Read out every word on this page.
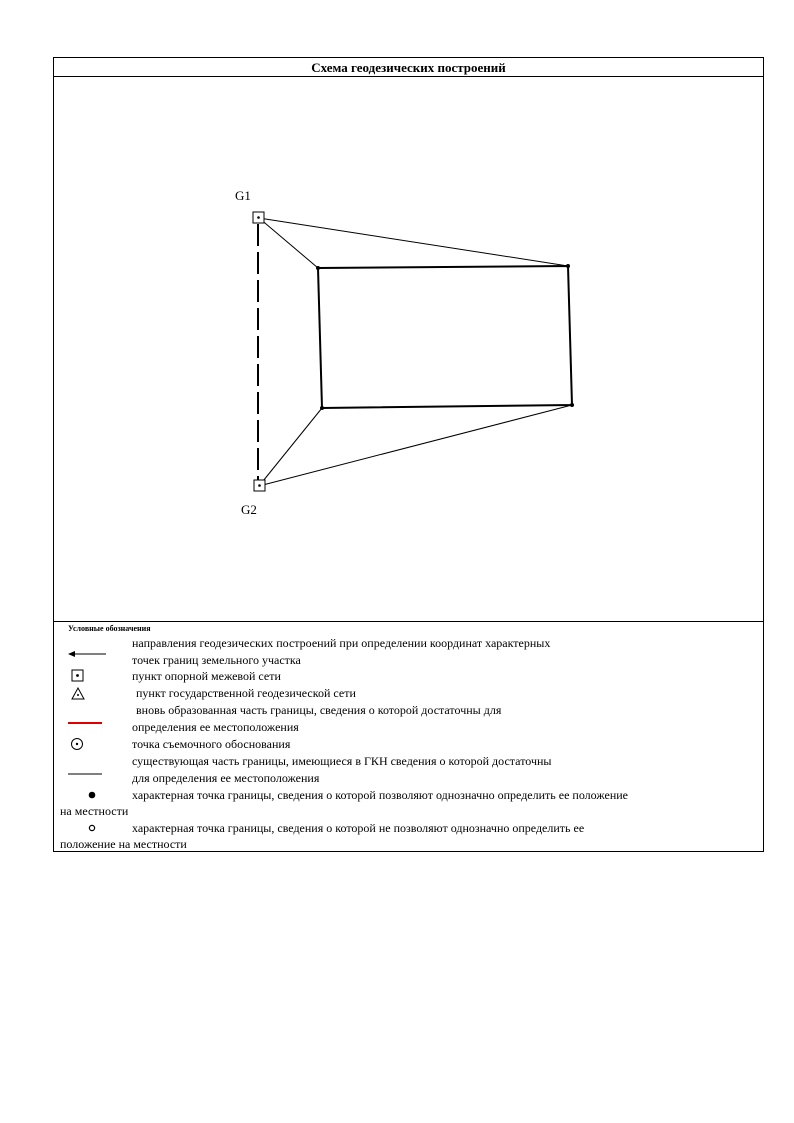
Схема геодезических построений
G1
G2
Условные обозначения
направления геодезических построений при определении координат характерных
точек границ земельного участка
пункт опорной межевой сети
пункт государственной геодезической сети
вновь образованная часть границы, сведения о которой достаточны для
определения ее местоположения
точка съемочного обоснования
существующая часть границы, имеющиеся в ГКН сведения о которой достаточны
для определения ее местоположения
характерная точка границы, сведения о которой позволяют однозначно определить ее положение
на местности
характерная точка границы, сведения о которой не позволяют однозначно определить ее
положение на местности
